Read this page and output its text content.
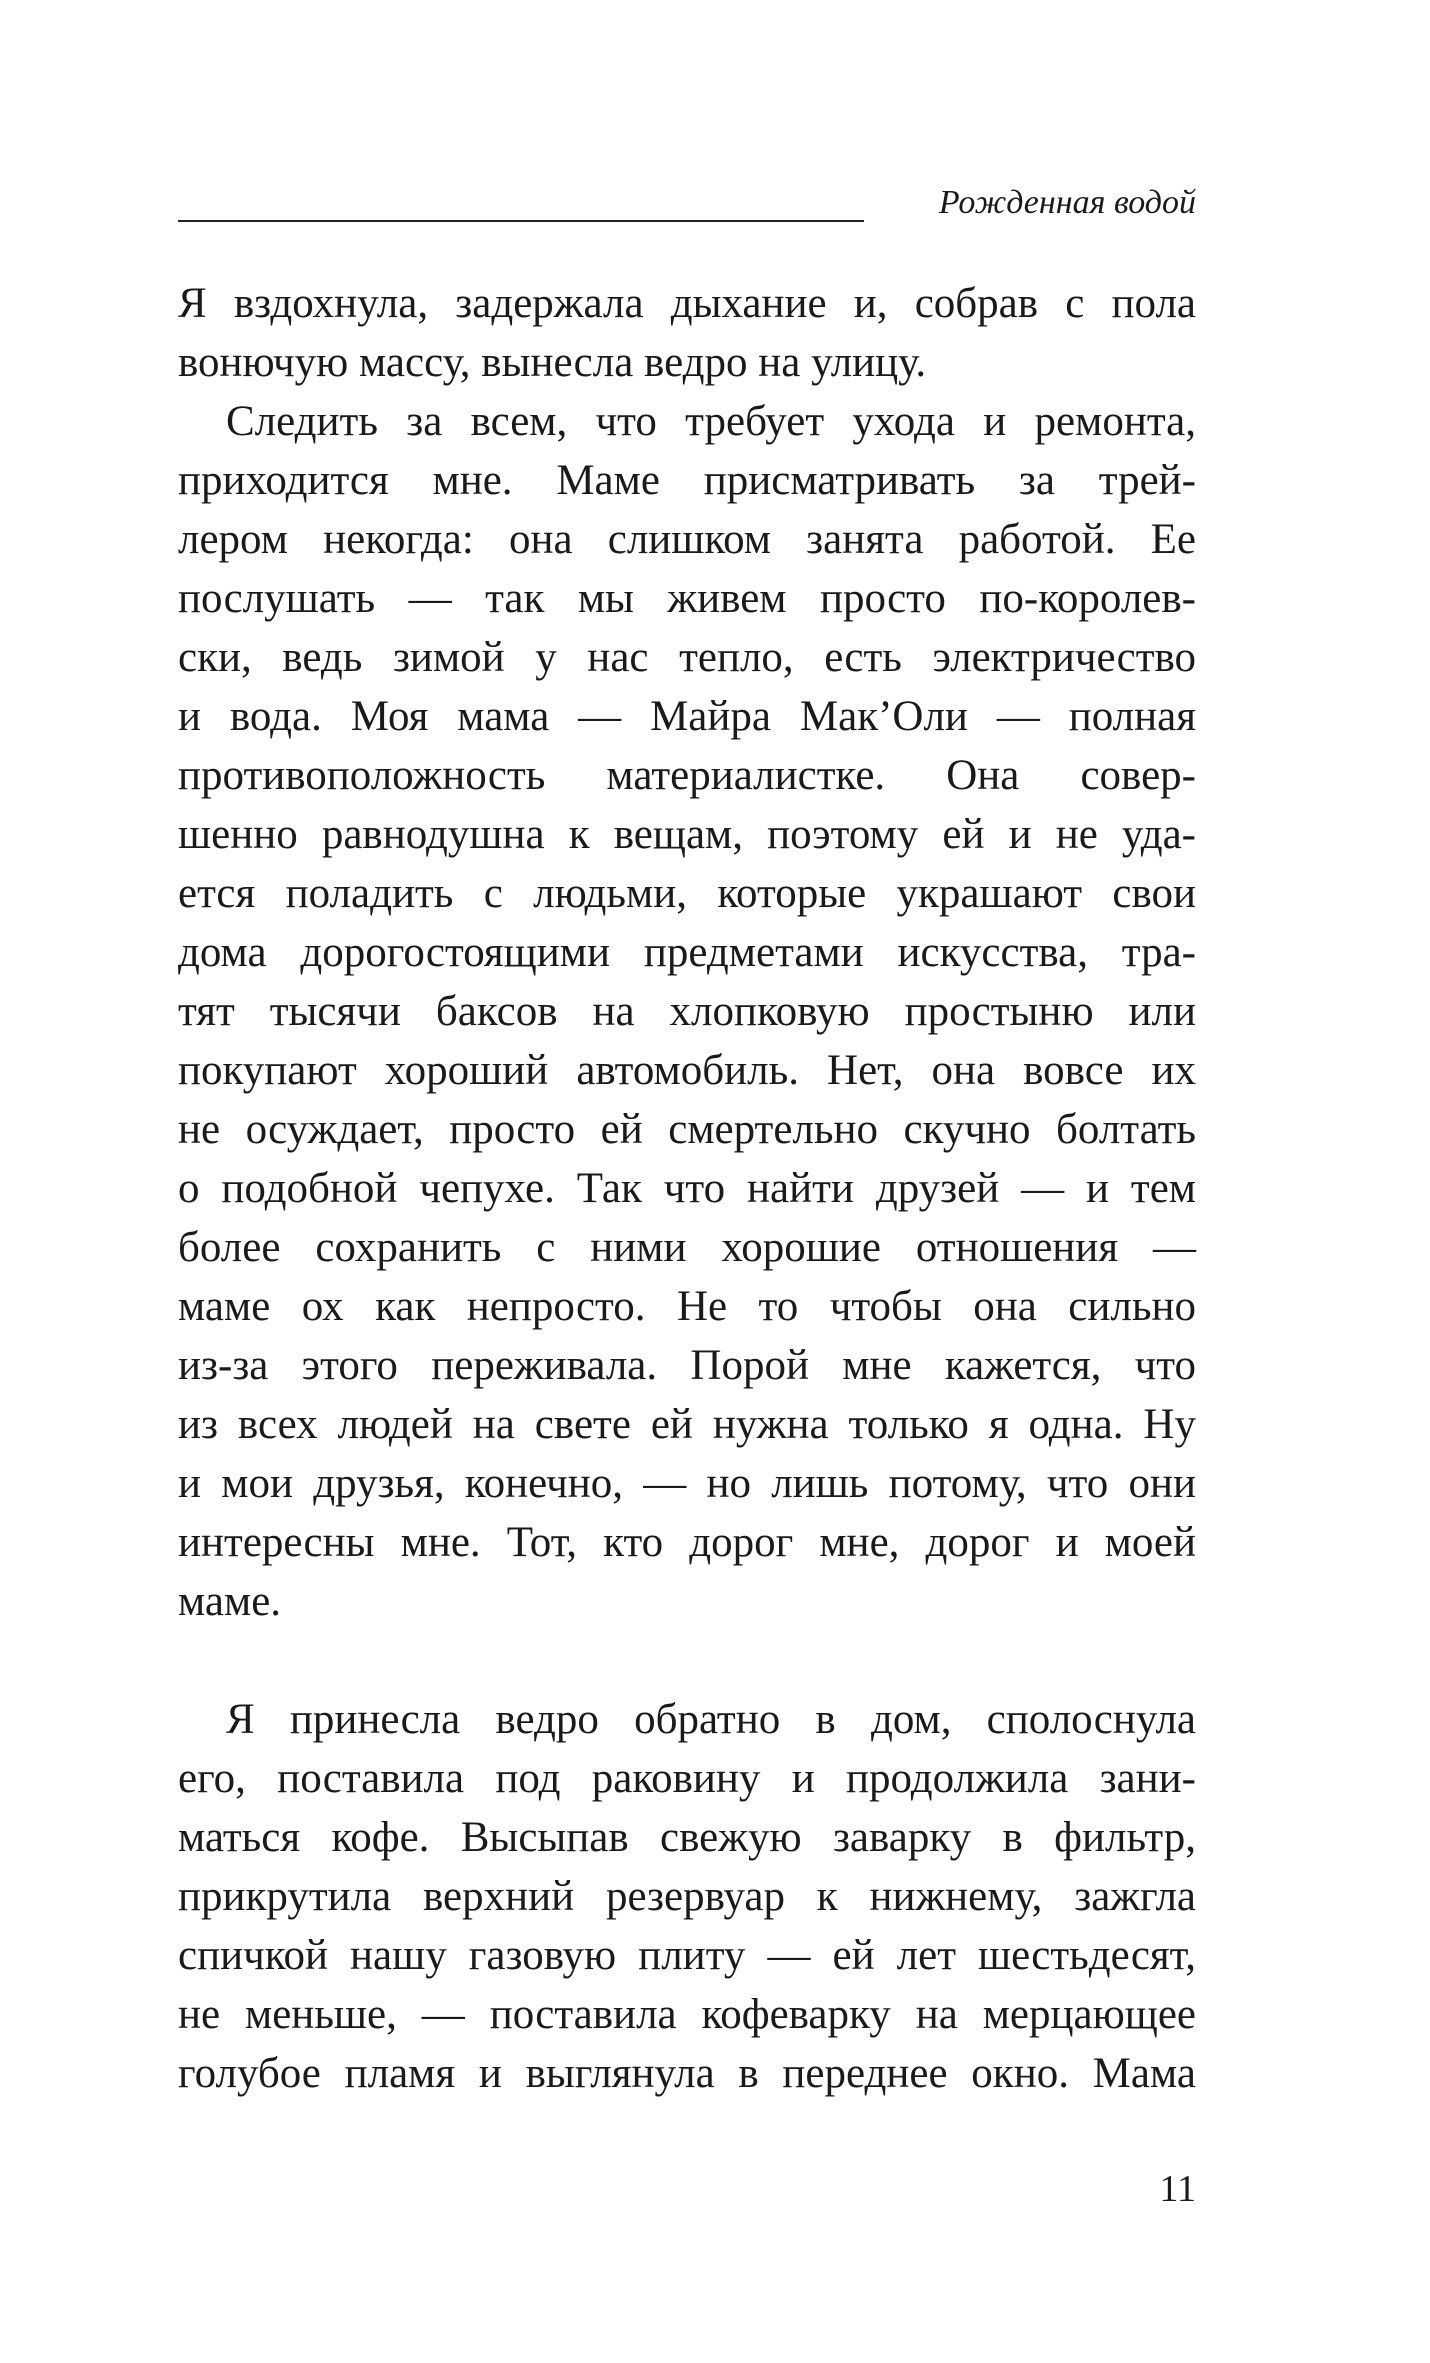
Рожденная водой
Я вздохнула, задержала дыхание и, собрав с пола
вонючую массу, вынесла ведро на улицу.
Следить за всем, что требует ухода и ремонта,
приходится мне. Маме присматривать за трей-
лером некогда: она слишком занята работой. Ее
послушать — так мы живем просто по-королев-
ски, ведь зимой у нас тепло, есть электричество
и вода. Моя мама — Майра Мак’Оли — полная
противоположность материалистке. Она совер-
шенно равнодушна к вещам, поэтому ей и не уда-
ется поладить с людьми, которые украшают свои
дома дорогостоящими предметами искусства, тра-
тят тысячи баксов на хлопковую простыню или
покупают хороший автомобиль. Нет, она вовсе их
не осуждает, просто ей смертельно скучно болтать
о подобной чепухе. Так что найти друзей — и тем
более сохранить с ними хорошие отношения —
маме ох как непросто. Не то чтобы она сильно
из-за этого переживала. Порой мне кажется, что
из всех людей на свете ей нужна только я одна. Ну
и мои друзья, конечно, — но лишь потому, что они
интересны мне. Тот, кто дорог мне, дорог и моей
маме.
Я принесла ведро обратно в дом, сполоснула
его, поставила под раковину и продолжила зани-
маться кофе. Высыпав свежую заварку в фильтр,
прикрутила верхний резервуар к нижнему, зажгла
спичкой нашу газовую плиту — ей лет шестьдесят,
не меньше, — поставила кофеварку на мерцающее
голубое пламя и выглянула в переднее окно. Мама
11
